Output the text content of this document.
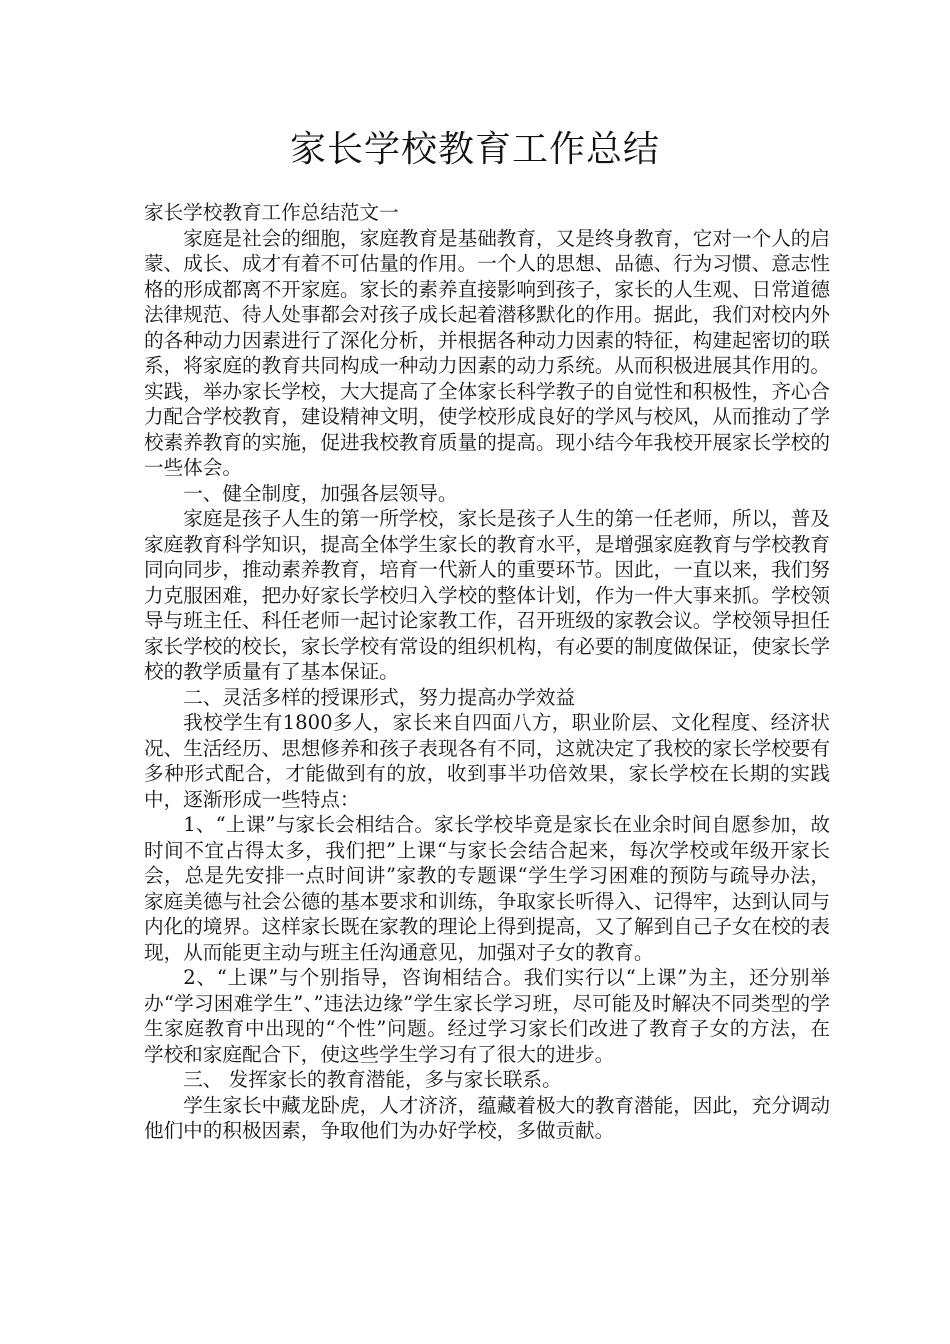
家长学校教育工作总结

家长学校教育工作总结范文一

家庭是社会的细胞，家庭教育是基础教育，又是终身教育，它对一个人的启蒙、成长、成才有着不可估量的作用。一个人的思想、品德、行为习惯、意志性格的形成都离不开家庭。家长的素养直接影响到孩子，家长的人生观、日常道德法律规范、待人处事都会对孩子成长起着潜移默化的作用。据此，我们对校内外的各种动力因素进行了深化分析，并根据各种动力因素的特征，构建起密切的联系，将家庭的教育共同构成一种动力因素的动力系统。从而积极进展其作用的。实践，举办家长学校，大大提高了全体家长科学教子的自觉性和积极性，齐心合力配合学校教育，建设精神文明，使学校形成良好的学风与校风，从而推动了学校素养教育的实施，促进我校教育质量的提高。现小结今年我校开展家长学校的一些体会。

一、健全制度，加强各层领导。

家庭是孩子人生的第一所学校，家长是孩子人生的第一任老师，所以，普及家庭教育科学知识，提高全体学生家长的教育水平，是增强家庭教育与学校教育同向同步，推动素养教育，培育一代新人的重要环节。因此，一直以来，我们努力克服困难，把办好家长学校归入学校的整体计划，作为一件大事来抓。学校领导与班主任、科任老师一起讨论家教工作，召开班级的家教会议。学校领导担任家长学校的校长，家长学校有常设的组织机构，有必要的制度做保证，使家长学校的教学质量有了基本保证。

二、灵活多样的授课形式，努力提高办学效益

我校学生有1800多人，家长来自四面八方，职业阶层、文化程度、经济状况、生活经历、思想修养和孩子表现各有不同，这就决定了我校的家长学校要有多种形式配合，才能做到有的放，收到事半功倍效果，家长学校在长期的实践中，逐渐形成一些特点：

1、“上课”与家长会相结合。家长学校毕竟是家长在业余时间自愿参加，故时间不宜占得太多，我们把”上课“与家长会结合起来，每次学校或年级开家长会，总是先安排一点时间讲”家教的专题课“学生学习困难的预防与疏导办法，家庭美德与社会公德的基本要求和训练，争取家长听得入、记得牢，达到认同与内化的境界。这样家长既在家教的理论上得到提高，又了解到自己子女在校的表现，从而能更主动与班主任沟通意见，加强对子女的教育。

2、“上课”与个别指导，咨询相结合。我们实行以“上课”为主，还分别举办“学习困难学生”、”违法边缘”学生家长学习班，尽可能及时解决不同类型的学生家庭教育中出现的“个性”问题。经过学习家长们改进了教育子女的方法，在学校和家庭配合下，使这些学生学习有了很大的进步。

三、 发挥家长的教育潜能，多与家长联系。

学生家长中藏龙卧虎，人才济济，蕴藏着极大的教育潜能，因此，充分调动他们中的积极因素，争取他们为办好学校，多做贡献。
